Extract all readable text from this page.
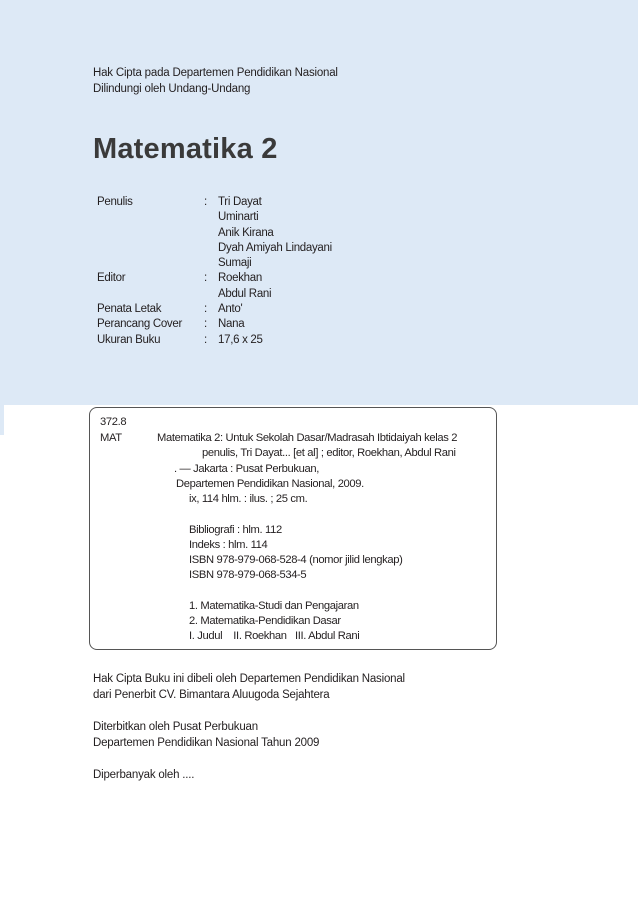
Hak Cipta pada Departemen Pendidikan Nasional
Dilindungi oleh Undang-Undang
Matematika 2
Penulis	: Tri Dayat
Uminarti
Anik Kirana
Dyah Amiyah Lindayani
Sumaji
Editor	: Roekhan
Abdul Rani
Penata Letak	: Anto'
Perancang Cover	: Nana
Ukuran Buku	: 17,6 x 25
372.8
MAT	Matematika 2: Untuk Sekolah Dasar/Madrasah Ibtidaiyah kelas 2
penulis, Tri Dayat... [et al] ; editor, Roekhan, Abdul Rani
. — Jakarta : Pusat Perbukuan,
Departemen Pendidikan Nasional, 2009.
ix, 114 hlm. : ilus. ; 25 cm.
Bibliografi : hlm. 112
Indeks : hlm. 114
ISBN 978-979-068-528-4 (nomor jilid lengkap)
ISBN 978-979-068-534-5
1. Matematika-Studi dan Pengajaran
2. Matematika-Pendidikan Dasar
I. Judul    II. Roekhan   III. Abdul Rani
Hak Cipta Buku ini dibeli oleh Departemen Pendidikan Nasional
dari Penerbit CV. Bimantara Aluugoda Sejahtera
Diterbitkan oleh Pusat Perbukuan
Departemen Pendidikan Nasional Tahun 2009
Diperbanyak oleh ....
